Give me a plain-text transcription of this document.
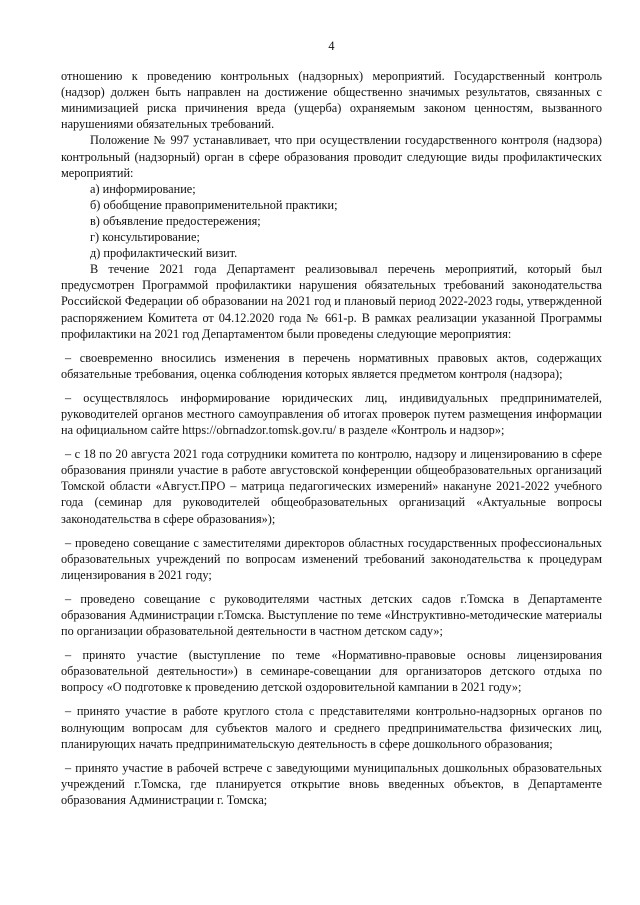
4

отношению к проведению контрольных (надзорных) мероприятий. Государственный контроль (надзор) должен быть направлен на достижение общественно значимых результатов, связанных с минимизацией риска причинения вреда (ущерба) охраняемым законом ценностям, вызванного нарушениями обязательных требований.

Положение № 997 устанавливает, что при осуществлении государственного контроля (надзора) контрольный (надзорный) орган в сфере образования проводит следующие виды профилактических мероприятий:

а) информирование;

б) обобщение правоприменительной практики;

в) объявление предостережения;

г) консультирование;

д) профилактический визит.

В течение 2021 года Департамент реализовывал перечень мероприятий, который был предусмотрен Программой профилактики нарушения обязательных требований законодательства Российской Федерации об образовании на 2021 год и плановый период 2022-2023 годы, утвержденной распоряжением Комитета от 04.12.2020 года № 661-р. В рамках реализации указанной Программы профилактики на 2021 год Департаментом были проведены следующие мероприятия:

– своевременно вносились изменения в перечень нормативных правовых актов, содержащих обязательные требования, оценка соблюдения которых является предметом контроля (надзора);

– осуществлялось информирование юридических лиц, индивидуальных предпринимателей, руководителей органов местного самоуправления об итогах проверок путем размещения информации на официальном сайте https://obrnadzor.tomsk.gov.ru/ в разделе «Контроль и надзор»;

– с 18 по 20 августа 2021 года сотрудники комитета по контролю, надзору и лицензированию в сфере образования приняли участие в работе августовской конференции общеобразовательных организаций Томской области «Август.ПРО – матрица педагогических измерений» накануне 2021-2022 учебного года (семинар для руководителей общеобразовательных организаций «Актуальные вопросы законодательства в сфере образования»);

– проведено совещание с заместителями директоров областных государственных профессиональных образовательных учреждений по вопросам изменений требований законодательства к процедурам лицензирования в 2021 году;

– проведено совещание с руководителями частных детских садов г.Томска в Департаменте образования Администрации г.Томска. Выступление по теме «Инструктивно-методические материалы по организации образовательной деятельности в частном детском саду»;

– принято участие (выступление по теме «Нормативно-правовые основы лицензирования образовательной деятельности») в семинаре-совещании для организаторов детского отдыха по вопросу «О подготовке к проведению детской оздоровительной кампании в 2021 году»;

– принято участие в работе круглого стола с представителями контрольно-надзорных органов по волнующим вопросам для субъектов малого и среднего предпринимательства физических лиц, планирующих начать предпринимательскую деятельность в сфере дошкольного образования;

– принято участие в рабочей встрече с заведующими муниципальных дошкольных образовательных учреждений г.Томска, где планируется открытие вновь введенных объектов, в Департаменте образования Администрации г. Томска;
